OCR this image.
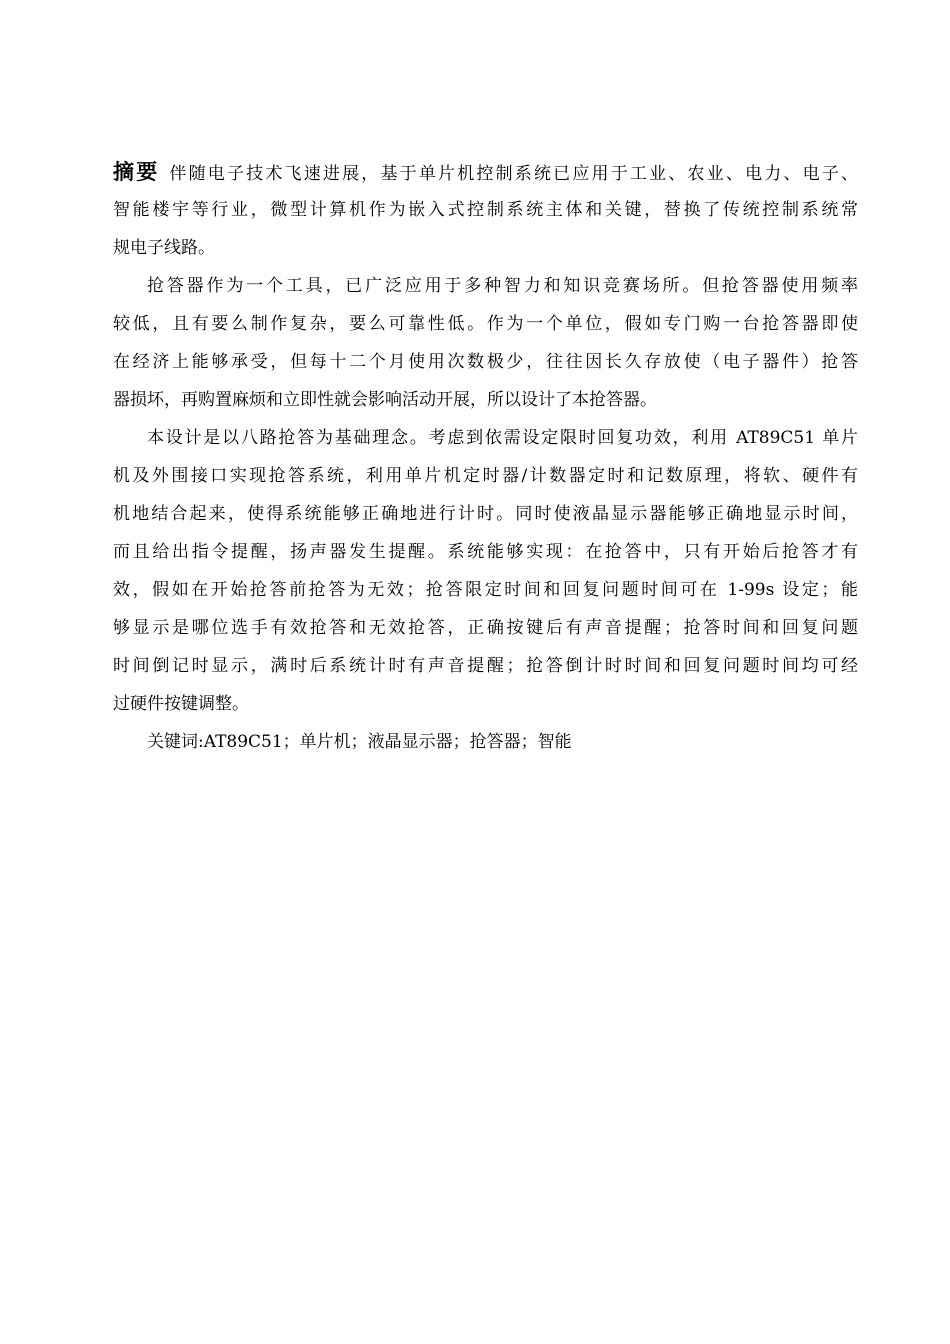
摘要 伴随电子技术飞速进展，基于单片机控制系统已应用于工业、农业、电力、电子、
智能楼宇等行业，微型计算机作为嵌入式控制系统主体和关键，替换了传统控制系统常
规电子线路。
抢答器作为一个工具，已广泛应用于多种智力和知识竞赛场所。但抢答器使用频率
较低，且有要么制作复杂，要么可靠性低。作为一个单位，假如专门购一台抢答器即使
在经济上能够承受，但每十二个月使用次数极少，往往因长久存放使（电子器件）抢答
器损坏，再购置麻烦和立即性就会影响活动开展，所以设计了本抢答器。
本设计是以八路抢答为基础理念。考虑到依需设定限时回复功效，利用 AT89C51 单片
机及外围接口实现抢答系统，利用单片机定时器/计数器定时和记数原理，将软、硬件有
机地结合起来，使得系统能够正确地进行计时。同时使液晶显示器能够正确地显示时间，
而且给出指令提醒，扬声器发生提醒。系统能够实现：在抢答中，只有开始后抢答才有
效，假如在开始抢答前抢答为无效；抢答限定时间和回复问题时间可在 1-99s 设定；能
够显示是哪位选手有效抢答和无效抢答，正确按键后有声音提醒；抢答时间和回复问题
时间倒记时显示，满时后系统计时有声音提醒；抢答倒计时时间和回复问题时间均可经
过硬件按键调整。
关键词:AT89C51；单片机；液晶显示器；抢答器；智能
